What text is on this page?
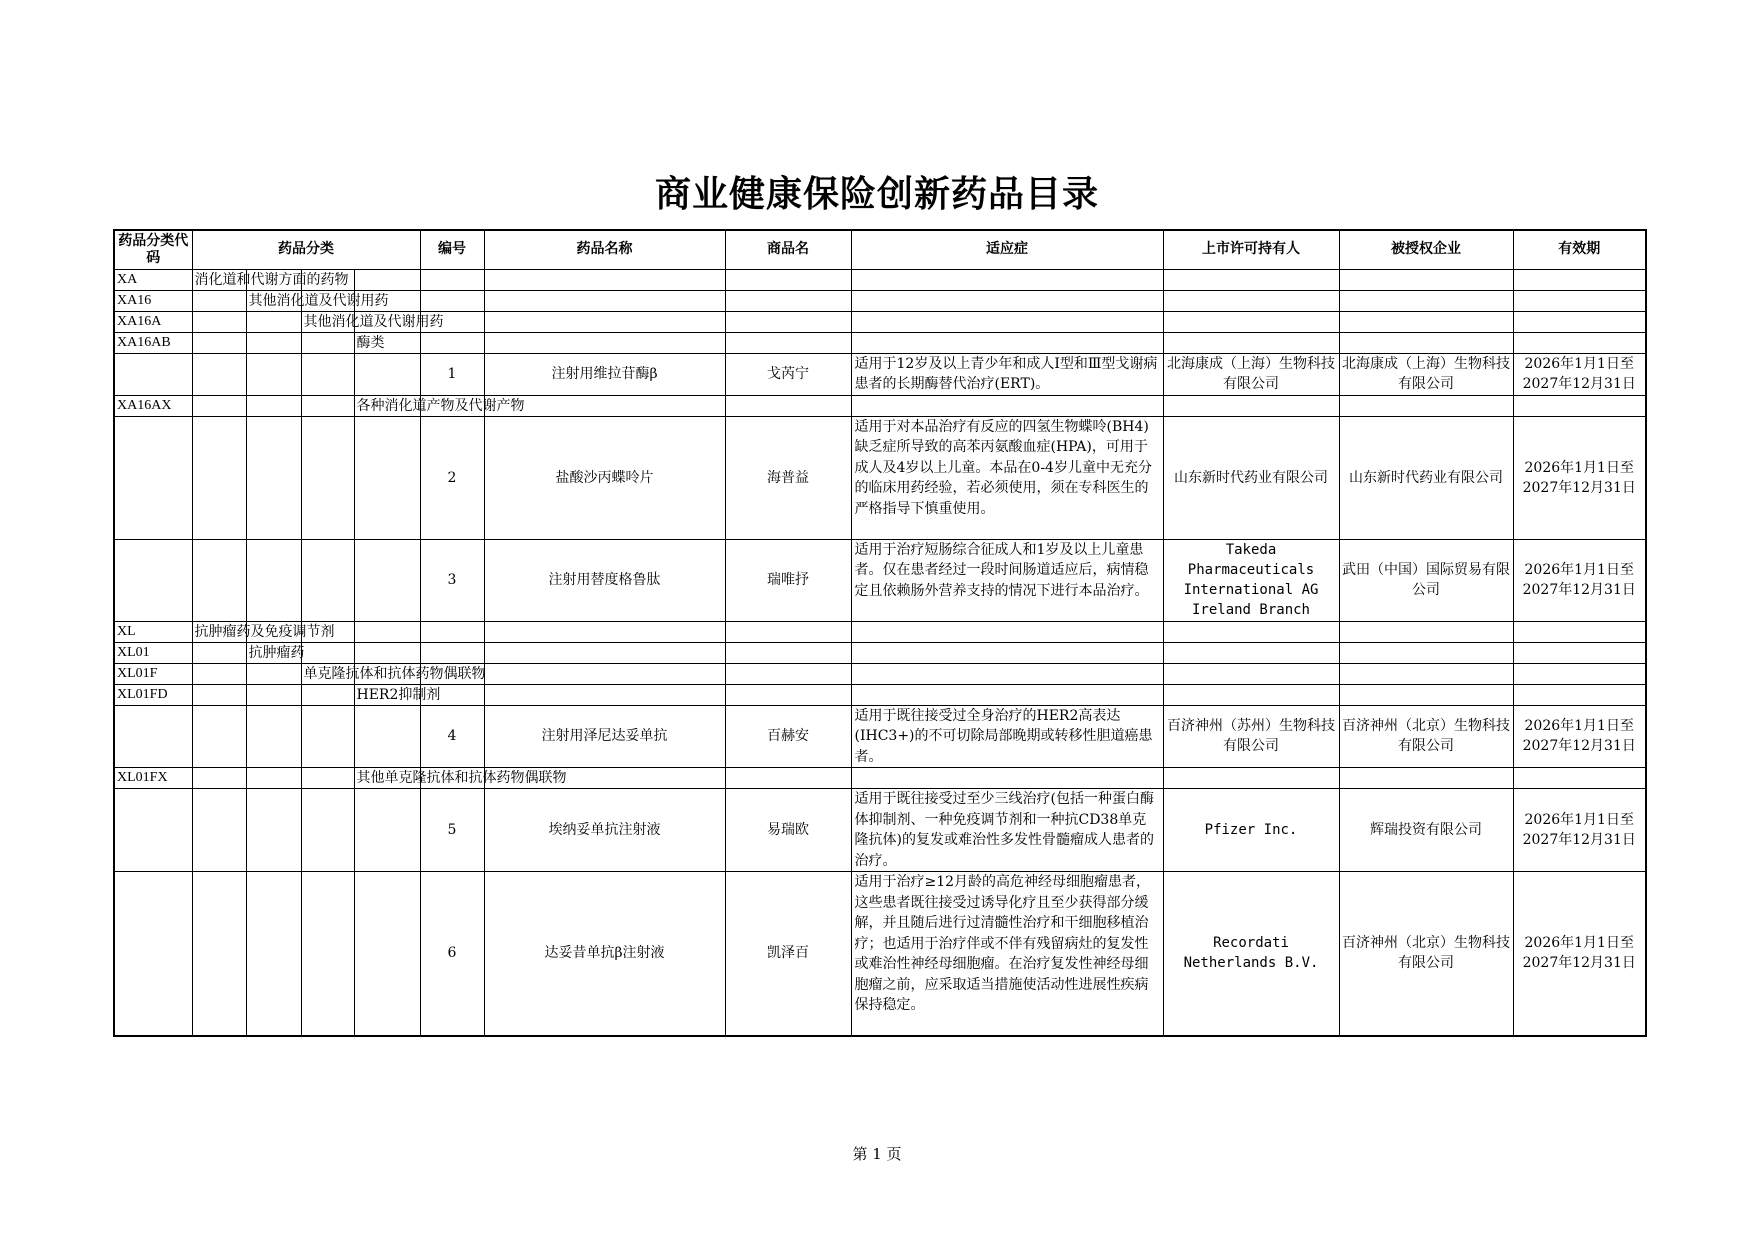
商业健康保险创新药品目录
药品分类代码	药品分类				编号	药品名称	商品名	适应症	上市许可持有人	被授权企业	有效期
XA	消化道和代谢方面的药物										

XA16		其他消化道及代谢用药									

XA16A			其他消化道及代谢用药								

XA16AB				酶类							

					1	注射用维拉苷酶β	戈芮宁	适用于12岁及以上青少年和成人Ⅰ型和Ⅲ型戈谢病患者的长期酶替代治疗(ERT)。	北海康成（上海）生物科技有限公司	北海康成（上海）生物科技有限公司	2026年1月1日至2027年12月31日
XA16AX				各种消化道产物及代谢产物							

					2	盐酸沙丙蝶呤片	海普益	适用于对本品治疗有反应的四氢生物蝶呤(BH4)缺乏症所导致的高苯丙氨酸血症(HPA)，可用于成人及4岁以上儿童。本品在0-4岁儿童中无充分的临床用药经验，若必须使用，须在专科医生的严格指导下慎重使用。	山东新时代药业有限公司	山东新时代药业有限公司	2026年1月1日至2027年12月31日
					3	注射用替度格鲁肽	瑞唯抒	适用于治疗短肠综合征成人和1岁及以上儿童患者。仅在患者经过一段时间肠道适应后，病情稳定且依赖肠外营养支持的情况下进行本品治疗。	Takeda Pharmaceuticals International AG Ireland Branch	武田（中国）国际贸易有限公司	2026年1月1日至2027年12月31日
XL	抗肿瘤药及免疫调节剂										

XL01		抗肿瘤药									

XL01F			单克隆抗体和抗体药物偶联物								

XL01FD				HER2抑制剂							

					4	注射用泽尼达妥单抗	百赫安	适用于既往接受过全身治疗的HER2高表达(IHC3+)的不可切除局部晚期或转移性胆道癌患者。	百济神州（苏州）生物科技有限公司	百济神州（北京）生物科技有限公司	2026年1月1日至2027年12月31日
XL01FX				其他单克隆抗体和抗体药物偶联物							

					5	埃纳妥单抗注射液	易瑞欧	适用于既往接受过至少三线治疗(包括一种蛋白酶体抑制剂、一种免疫调节剂和一种抗CD38单克隆抗体)的复发或难治性多发性骨髓瘤成人患者的治疗。	Pfizer Inc.	辉瑞投资有限公司	2026年1月1日至2027年12月31日
					6	达妥昔单抗β注射液	凯泽百	适用于治疗≥12月龄的高危神经母细胞瘤患者，这些患者既往接受过诱导化疗且至少获得部分缓解，并且随后进行过清髓性治疗和干细胞移植治疗；也适用于治疗伴或不伴有残留病灶的复发性或难治性神经母细胞瘤。在治疗复发性神经母细胞瘤之前，应采取适当措施使活动性进展性疾病保持稳定。	Recordati Netherlands B.V.	百济神州（北京）生物科技有限公司	2026年1月1日至2027年12月31日
第 1 页
